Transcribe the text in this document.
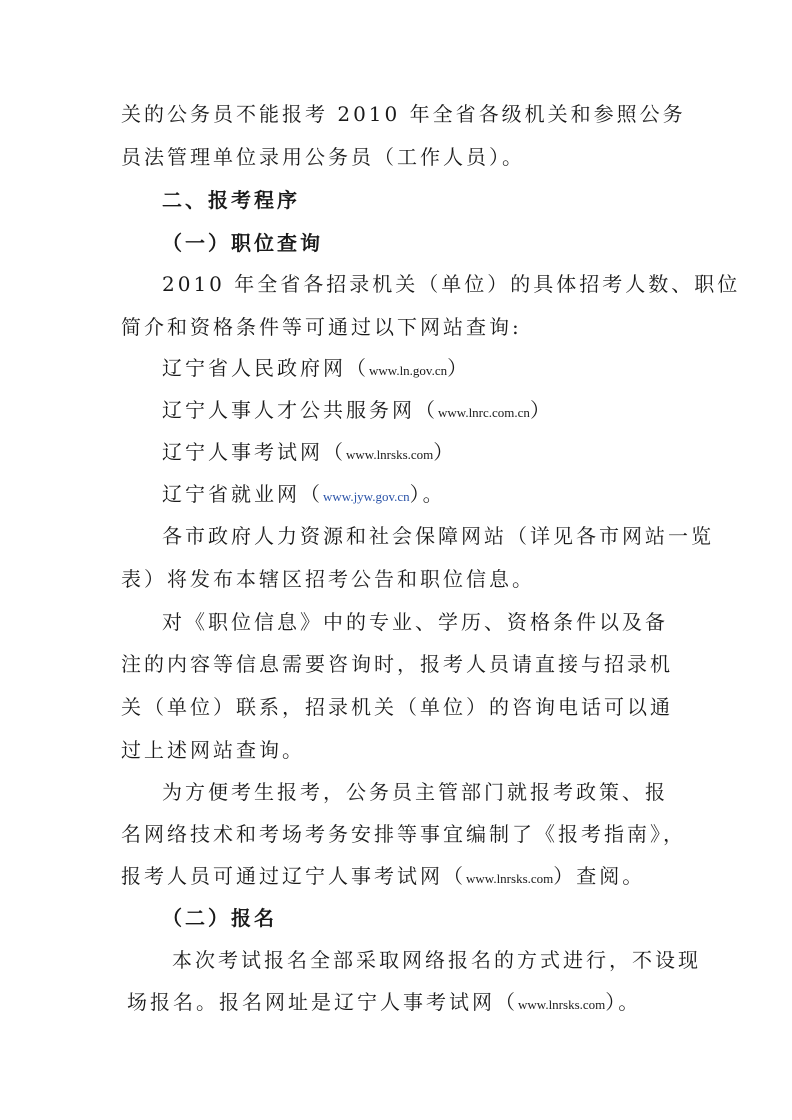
关的公务员不能报考 2010 年全省各级机关和参照公务
员法管理单位录用公务员（工作人员）。
二、报考程序
（一）职位查询
2010 年全省各招录机关（单位）的具体招考人数、职位
简介和资格条件等可通过以下网站查询:
辽宁省人民政府网（www.ln.gov.cn）
辽宁人事人才公共服务网（www.lnrc.com.cn）
辽宁人事考试网（www.lnrsks.com）
辽宁省就业网（www.jyw.gov.cn）。
各市政府人力资源和社会保障网站（详见各市网站一览
表）将发布本辖区招考公告和职位信息。
对《职位信息》中的专业、学历、资格条件以及备
注的内容等信息需要咨询时，报考人员请直接与招录机
关（单位）联系，招录机关（单位）的咨询电话可以通
过上述网站查询。
为方便考生报考，公务员主管部门就报考政策、报
名网络技术和考场考务安排等事宜编制了《报考指南》，
报考人员可通过辽宁人事考试网（www.lnrsks.com）查阅。
（二）报名
本次考试报名全部采取网络报名的方式进行，不设现
场报名。报名网址是辽宁人事考试网（www.lnrsks.com）。
